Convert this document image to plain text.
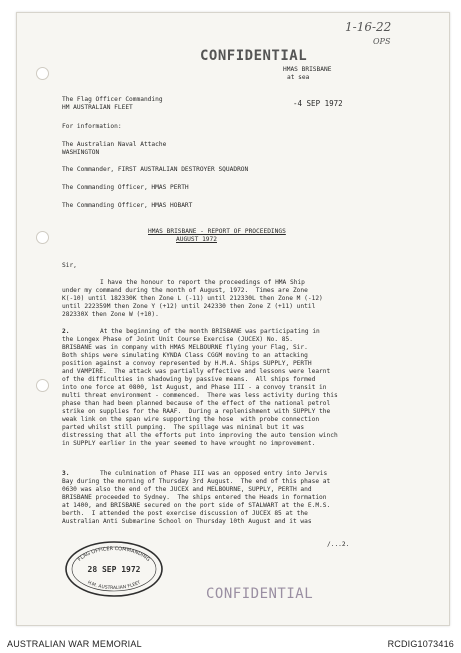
1-16-22
OPS
CONFIDENTIAL
HMAS BRISBANE
at sea
-4 SEP 1972
The Flag Officer Commanding
HM AUSTRALIAN FLEET
For information:
The Australian Naval Attache
WASHINGTON
The Commander, FIRST AUSTRALIAN DESTROYER SQUADRON
The Commanding Officer, HMAS PERTH
The Commanding Officer, HMAS HOBART
HMAS BRISBANE - REPORT OF PROCEEDINGS
AUGUST 1972
Sir,
I have the honour to report the proceedings of HMA Ship
under my command during the month of August, 1972.  Times are Zone
K(-10) until 182330K then Zone L (-11) until 212330L then Zone M (-12)
until 222359M then Zone Y (+12) until 242330 then Zone Z (+11) until
282330X then Zone W (+10).
2.	At the beginning of the month BRISBANE was participating in
the Longex Phase of Joint Unit Course Exercise (JUCEX) No. 85.
BRISBANE was in company with HMAS MELBOURNE flying your Flag, Sir.
Both ships were simulating KYNDA Class CGGM moving to an attacking
position against a convoy represented by H.M.A. Ships SUPPLY, PERTH
and VAMPIRE.  The attack was partially effective and lessons were learnt
of the difficulties in shadowing by passive means.  All ships formed
into one force at 0800, 1st August, and Phase III - a convoy transit in
multi threat environment - commenced.  There was less activity during this
phase than had been planned because of the effect of the national petrol
strike on supplies for the RAAF.  During a replenishment with SUPPLY the
weak link on the span wire supporting the hose  with probe connection
parted whilst still pumping.  The spillage was minimal but it was
distressing that all the efforts put into improving the auto tension winch
in SUPPLY earlier in the year seemed to have wrought no improvement.
3.	The culmination of Phase III was an opposed entry into Jervis
Bay during the morning of Thursday 3rd August.  The end of this phase at
0630 was also the end of the JUCEX and MELBOURNE, SUPPLY, PERTH and
BRISBANE proceeded to Sydney.  The ships entered the Heads in formation
at 1400, and BRISBANE secured on the port side of STALWART at the E.M.S.
berth.  I attended the post exercise discussion of JUCEX 85 at the
Australian Anti Submarine School on Thursday 10th August and it was
/...2.
FLAG OFFICER COMMANDING
H.M. AUSTRALIAN FLEET
28 SEP 1972
CONFIDENTIAL
AUSTRALIAN WAR MEMORIAL	RCDIG1073416
